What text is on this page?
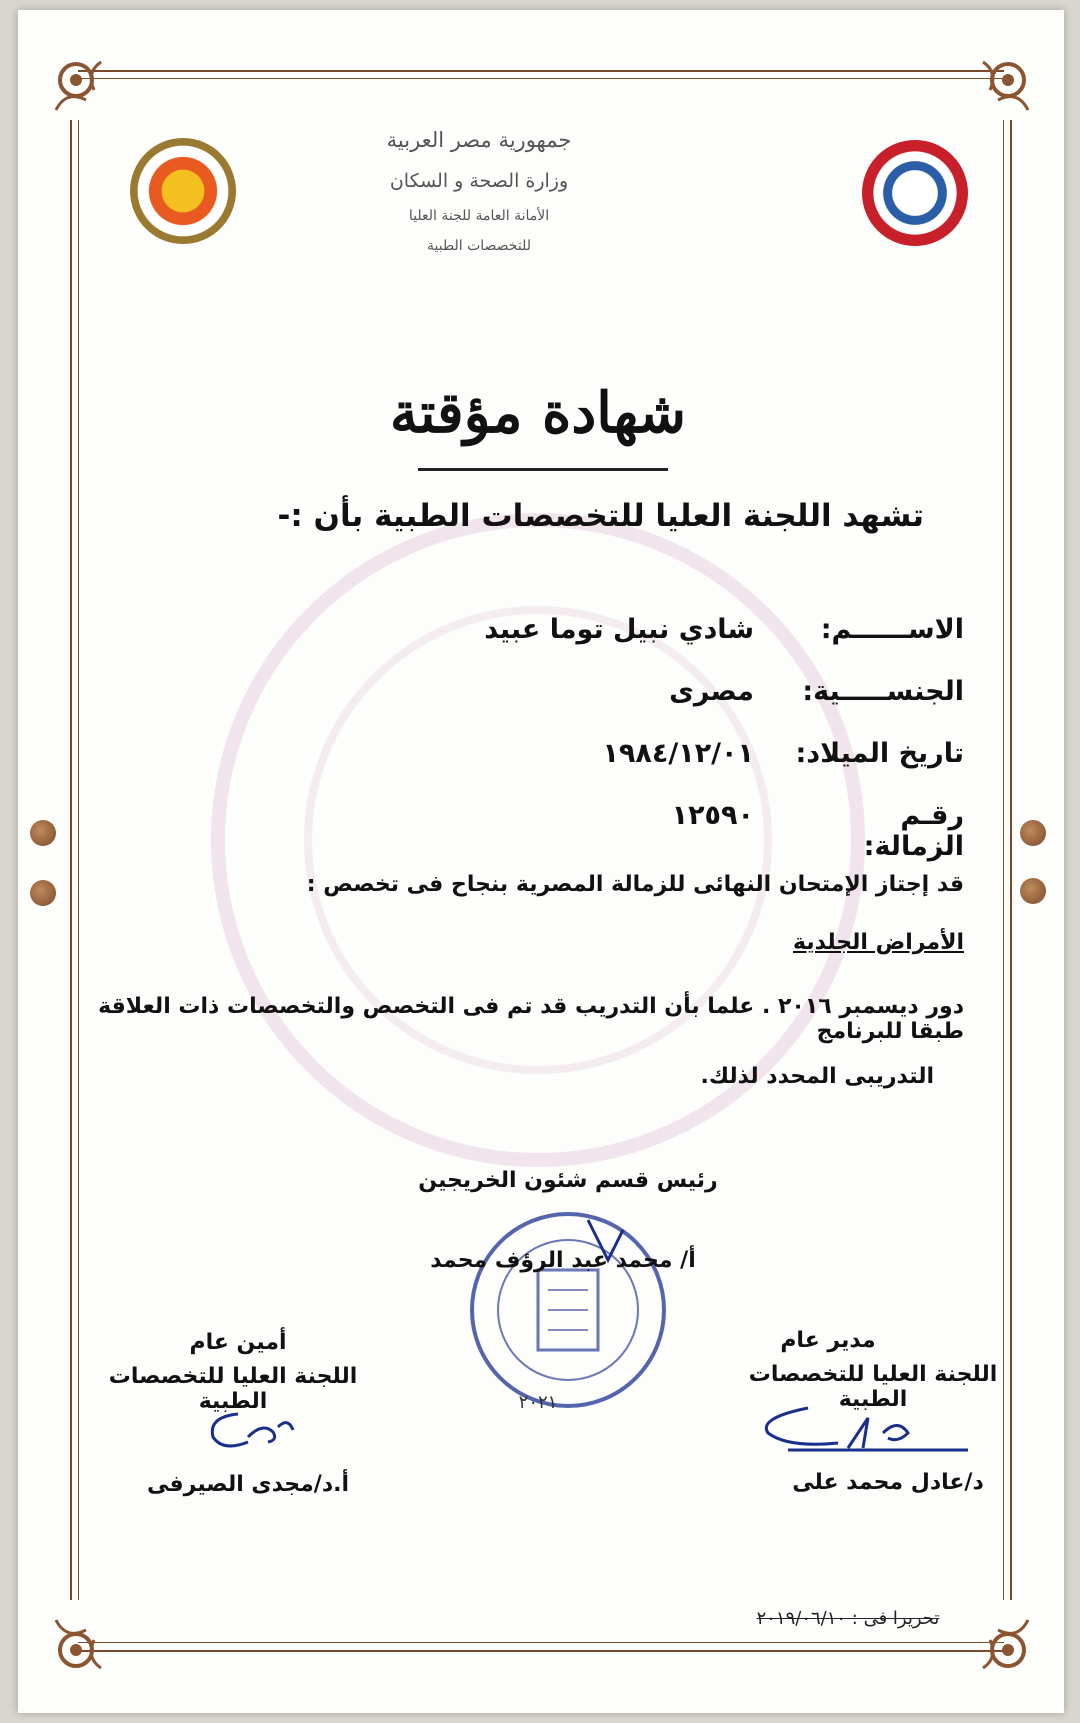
جمهورية مصر العربية
وزارة الصحة و السكان
الأمانة العامة للجنة العليا
للتخصصات الطبية
شهادة مؤقتة
تشهد اللجنة العليا للتخصصات الطبية بأن :-
الاســــــم:
شادي نبيل توما عبيد
الجنســـــية:
مصرى
تاريخ الميلاد:
١٩٨٤/١٢/٠١
رقـم الزمالة:
١٢٥٩٠
قد إجتاز الإمتحان النهائى للزمالة المصرية بنجاح فى تخصص :
الأمراض الجلدية
دور ديسمبر ٢٠١٦ . علما بأن التدريب قد تم فى التخصص والتخصصات ذات العلاقة طبقا للبرنامج
التدريبى المحدد لذلك.
رئيس قسم شئون الخريجين
أ/ محمد عبد الرؤف محمد
٢٠٢١
مدير عام
اللجنة العليا للتخصصات الطبية
د/عادل محمد على
أمين عام
اللجنة العليا للتخصصات الطبية
أ.د/مجدى الصيرفى
تحريرا فى : ٢٠١٩/٠٦/١٠
